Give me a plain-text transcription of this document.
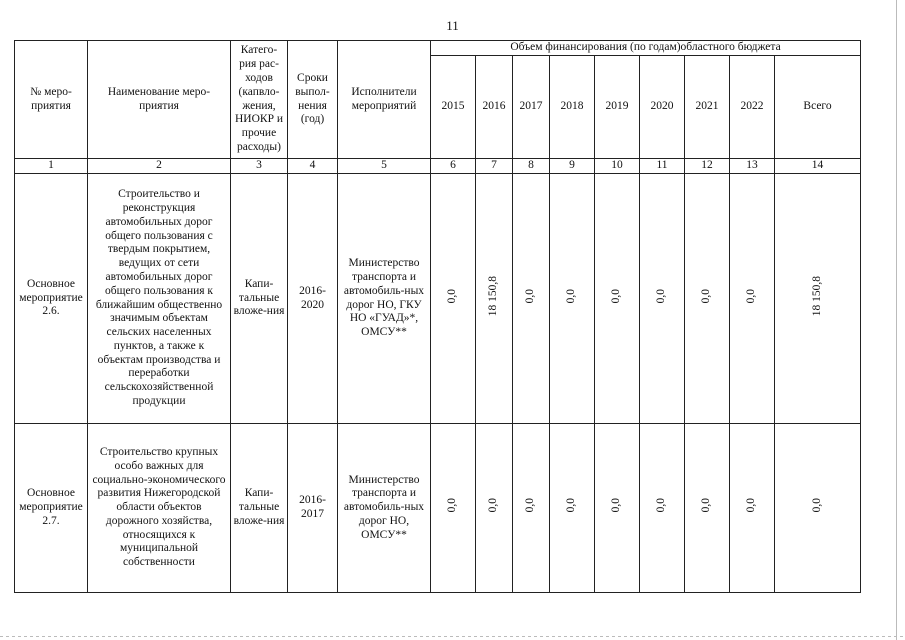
11
№ меро-приятия	Наименование меро-приятия	Катего-рия рас-ходов (капвло-жения, НИОКР и прочие расходы)	Сроки выпол-нения (год)	Исполнители мероприятий	Объем финансирования (по годам)областного бюджета								
					2015	2016	2017	2018	2019	2020	2021	2022	Всего
1	2	3	4	5	6	7	8	9	10	11	12	13	14
Основное мероприятие 2.6.	Строительство и реконструкция автомобильных дорог общего пользования с твердым покрытием, ведущих от сети автомобильных дорог общего пользования к ближайшим общественно значимым объектам сельских населенных пунктов, а также к объектам производства и переработки сельскохозяйственной продукции	Капи-тальные вложе-ния	2016-2020	Министерство транспорта и автомобиль-ных дорог НО, ГКУ НО «ГУАД»*, ОМСУ**	0,0	18 150,8	0,0	0,0	0,0	0,0	0,0	0,0	18 150,8
Основное мероприятие 2.7.	Строительство крупных особо важных для социально-экономического развития Нижегородской области объектов дорожного хозяйства, относящихся к муниципальной собственности	Капи-тальные вложе-ния	2016-2017	Министерство транспорта и автомобиль-ных дорог НО, ОМСУ**	0,0	0,0	0,0	0,0	0,0	0,0	0,0	0,0	0,0
